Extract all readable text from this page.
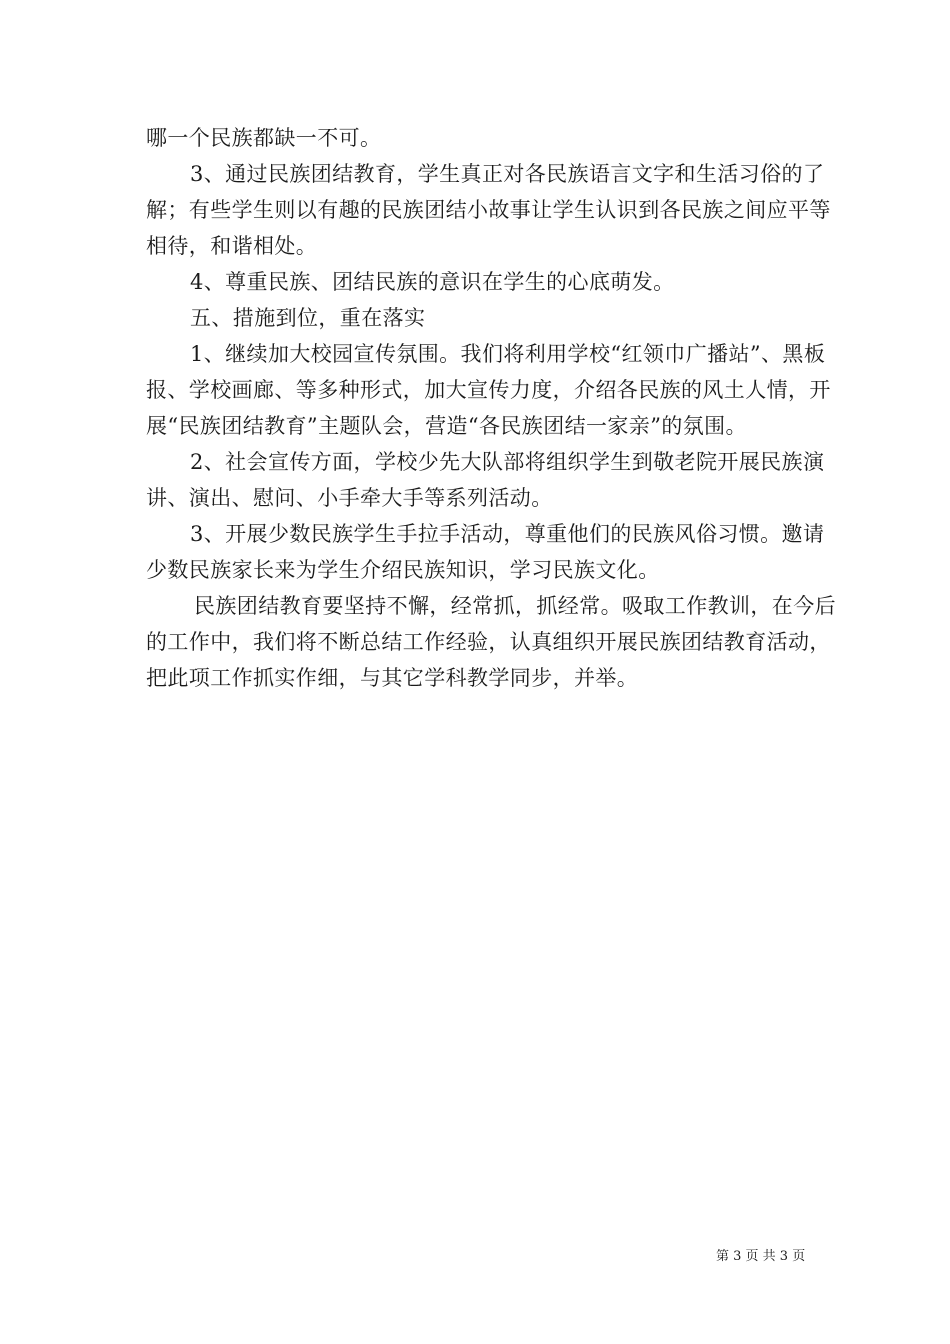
哪一个民族都缺一不可。

3、通过民族团结教育，学生真正对各民族语言文字和生活习俗的了解；有些学生则以有趣的民族团结小故事让学生认识到各民族之间应平等相待，和谐相处。

4、尊重民族、团结民族的意识在学生的心底萌发。

五、措施到位，重在落实

1、继续加大校园宣传氛围。我们将利用学校“红领巾广播站”、黑板报、学校画廊、等多种形式，加大宣传力度，介绍各民族的风土人情，开展“民族团结教育”主题队会，营造“各民族团结一家亲”的氛围。

2、社会宣传方面，学校少先大队部将组织学生到敬老院开展民族演讲、演出、慰问、小手牵大手等系列活动。

3、开展少数民族学生手拉手活动，尊重他们的民族风俗习惯。邀请少数民族家长来为学生介绍民族知识，学习民族文化。

民族团结教育要坚持不懈，经常抓，抓经常。吸取工作教训，在今后的工作中，我们将不断总结工作经验，认真组织开展民族团结教育活动，把此项工作抓实作细，与其它学科教学同步，并举。

第 3 页 共 3 页
